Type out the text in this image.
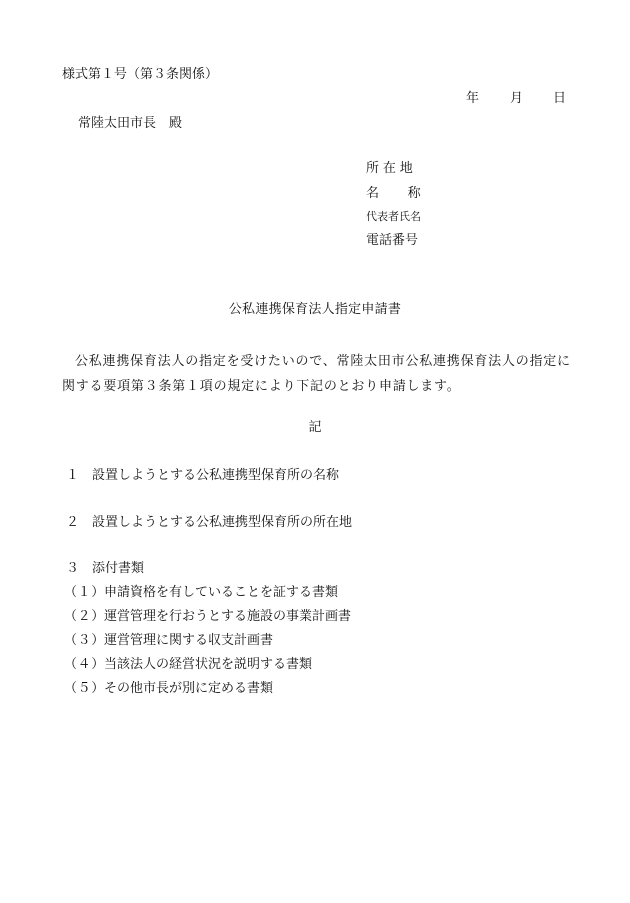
様式第１号（第３条関係）

年 月 日

常陸太田市長　殿

所在地
名称
代表者氏名
電話番号
公私連携保育法人指定申請書

公私連携保育法人の指定を受けたいので、常陸太田市公私連携保育法人の指定に関する要項第３条第１項の規定により下記のとおり申請します。

記

１ 設置しようとする公私連携型保育所の名称
２ 設置しようとする公私連携型保育所の所在地
３ 添付書類
（１）申請資格を有していることを証する書類
（２）運営管理を行おうとする施設の事業計画書
（３）運営管理に関する収支計画書
（４）当該法人の経営状況を説明する書類
（５）その他市長が別に定める書類
